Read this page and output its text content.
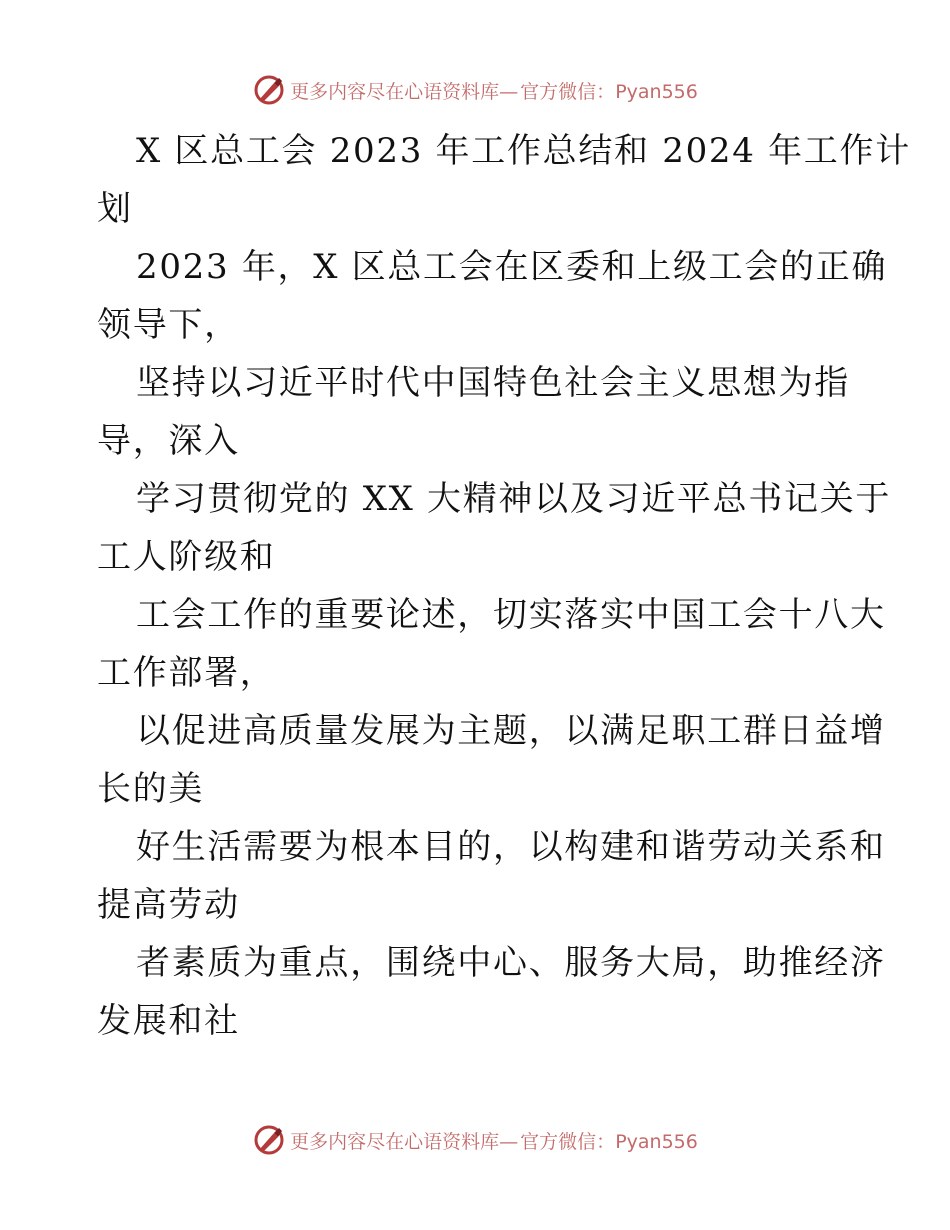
更多内容尽在心语资料库— 官方微信：Pyan556
X 区总工会 2023 年工作总结和 2024 年工作计
划
2023 年，X 区总工会在区委和上级工会的正确
领导下，
坚持以习近平时代中国特色社会主义思想为指
导，深入
学习贯彻党的 XX 大精神以及习近平总书记关于
工人阶级和
工会工作的重要论述，切实落实中国工会十八大
工作部署，
以促进高质量发展为主题，以满足职工群日益增
长的美
好生活需要为根本目的，以构建和谐劳动关系和
提高劳动
者素质为重点，围绕中心、服务大局，助推经济
发展和社
更多内容尽在心语资料库— 官方微信：Pyan556
